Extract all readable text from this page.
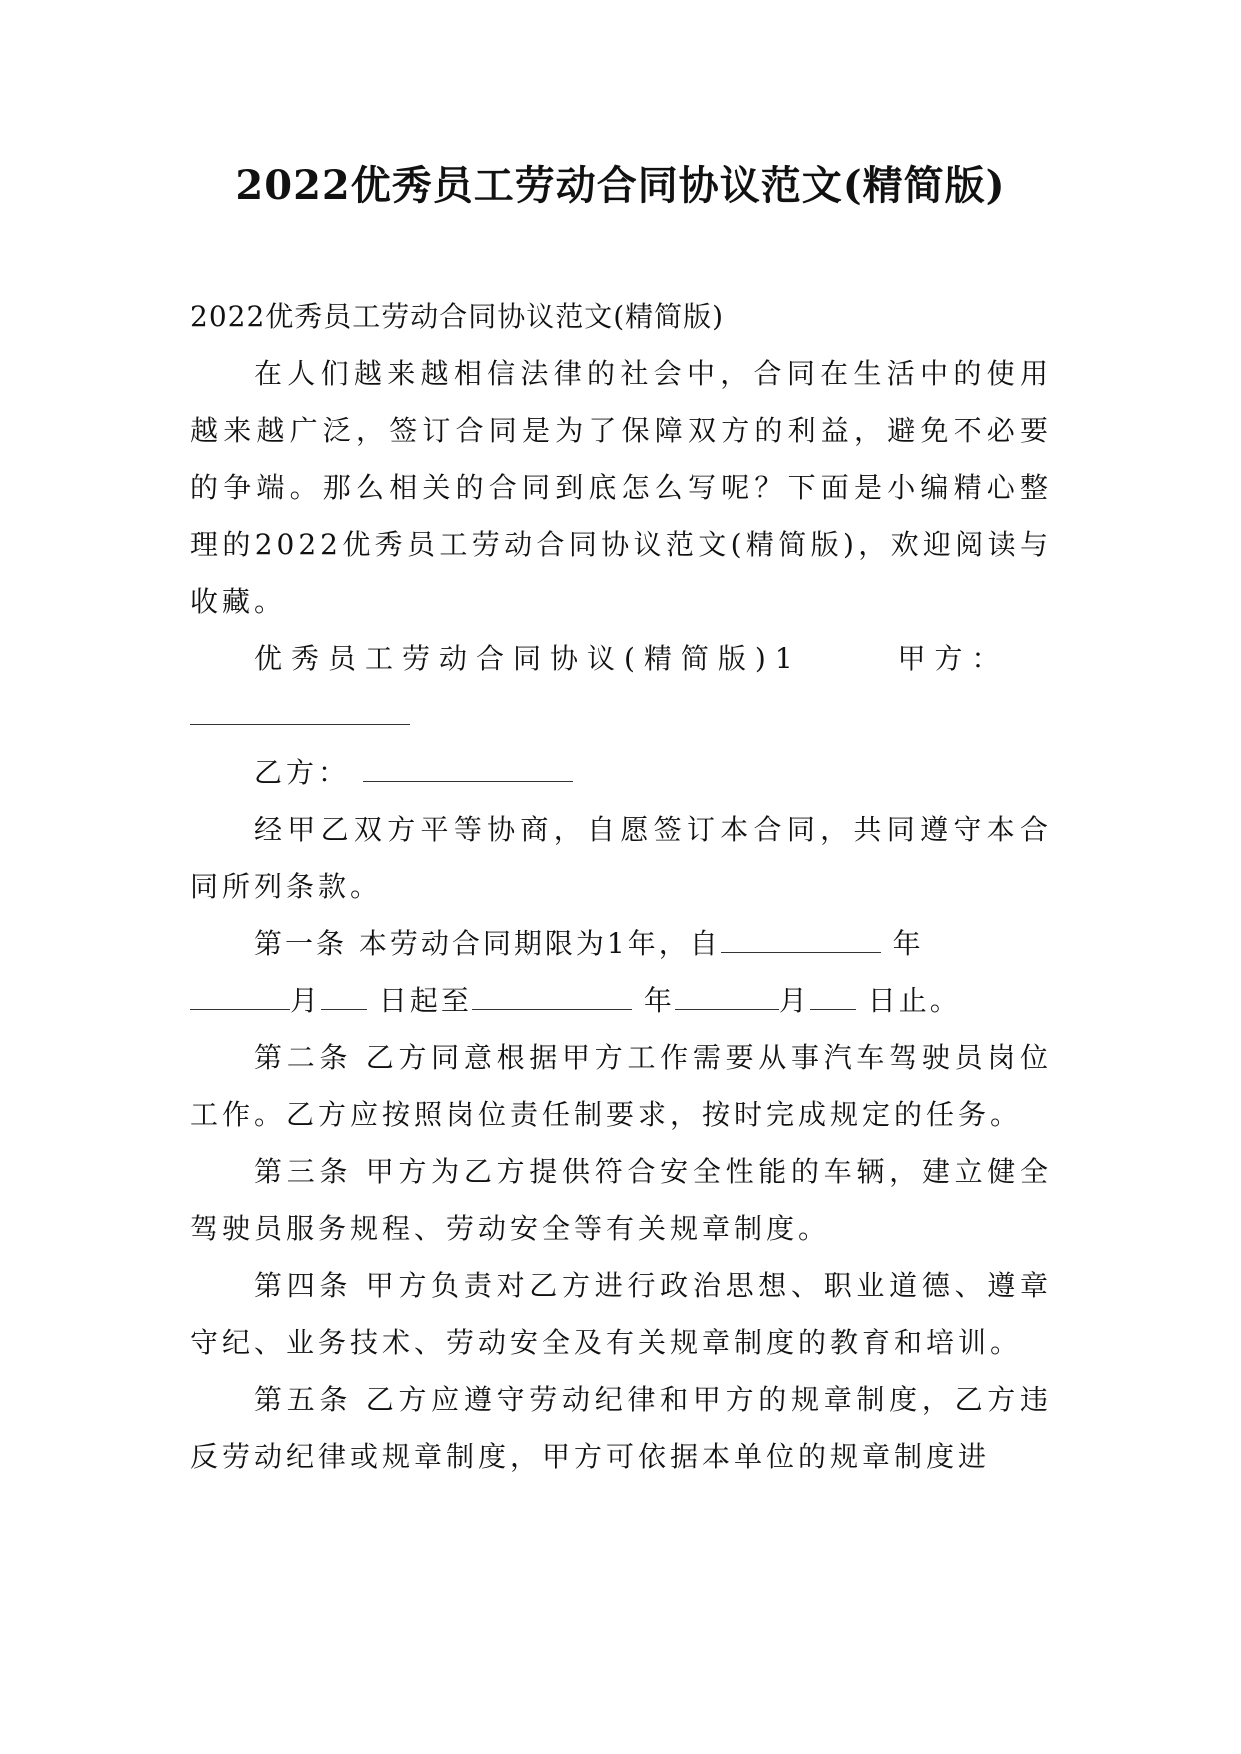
2022优秀员工劳动合同协议范文(精简版)

2022优秀员工劳动合同协议范文(精简版)

在人们越来越相信法律的社会中，合同在生活中的使用越来越广泛，签订合同是为了保障双方的利益，避免不必要的争端。那么相关的合同到底怎么写呢？下面是小编精心整理的2022优秀员工劳动合同协议范文(精简版)，欢迎阅读与收藏。

优秀员工劳动合同协议(精简版)1	甲方：

乙方：

经甲乙双方平等协商，自愿签订本合同，共同遵守本合同所列条款。

第一条 本劳动合同期限为1年，自	年

月 日起至	年	月 日止。

第二条 乙方同意根据甲方工作需要从事汽车驾驶员岗位工作。乙方应按照岗位责任制要求，按时完成规定的任务。

第三条 甲方为乙方提供符合安全性能的车辆，建立健全驾驶员服务规程、劳动安全等有关规章制度。

第四条 甲方负责对乙方进行政治思想、职业道德、遵章守纪、业务技术、劳动安全及有关规章制度的教育和培训。

第五条 乙方应遵守劳动纪律和甲方的规章制度，乙方违反劳动纪律或规章制度，甲方可依据本单位的规章制度进
